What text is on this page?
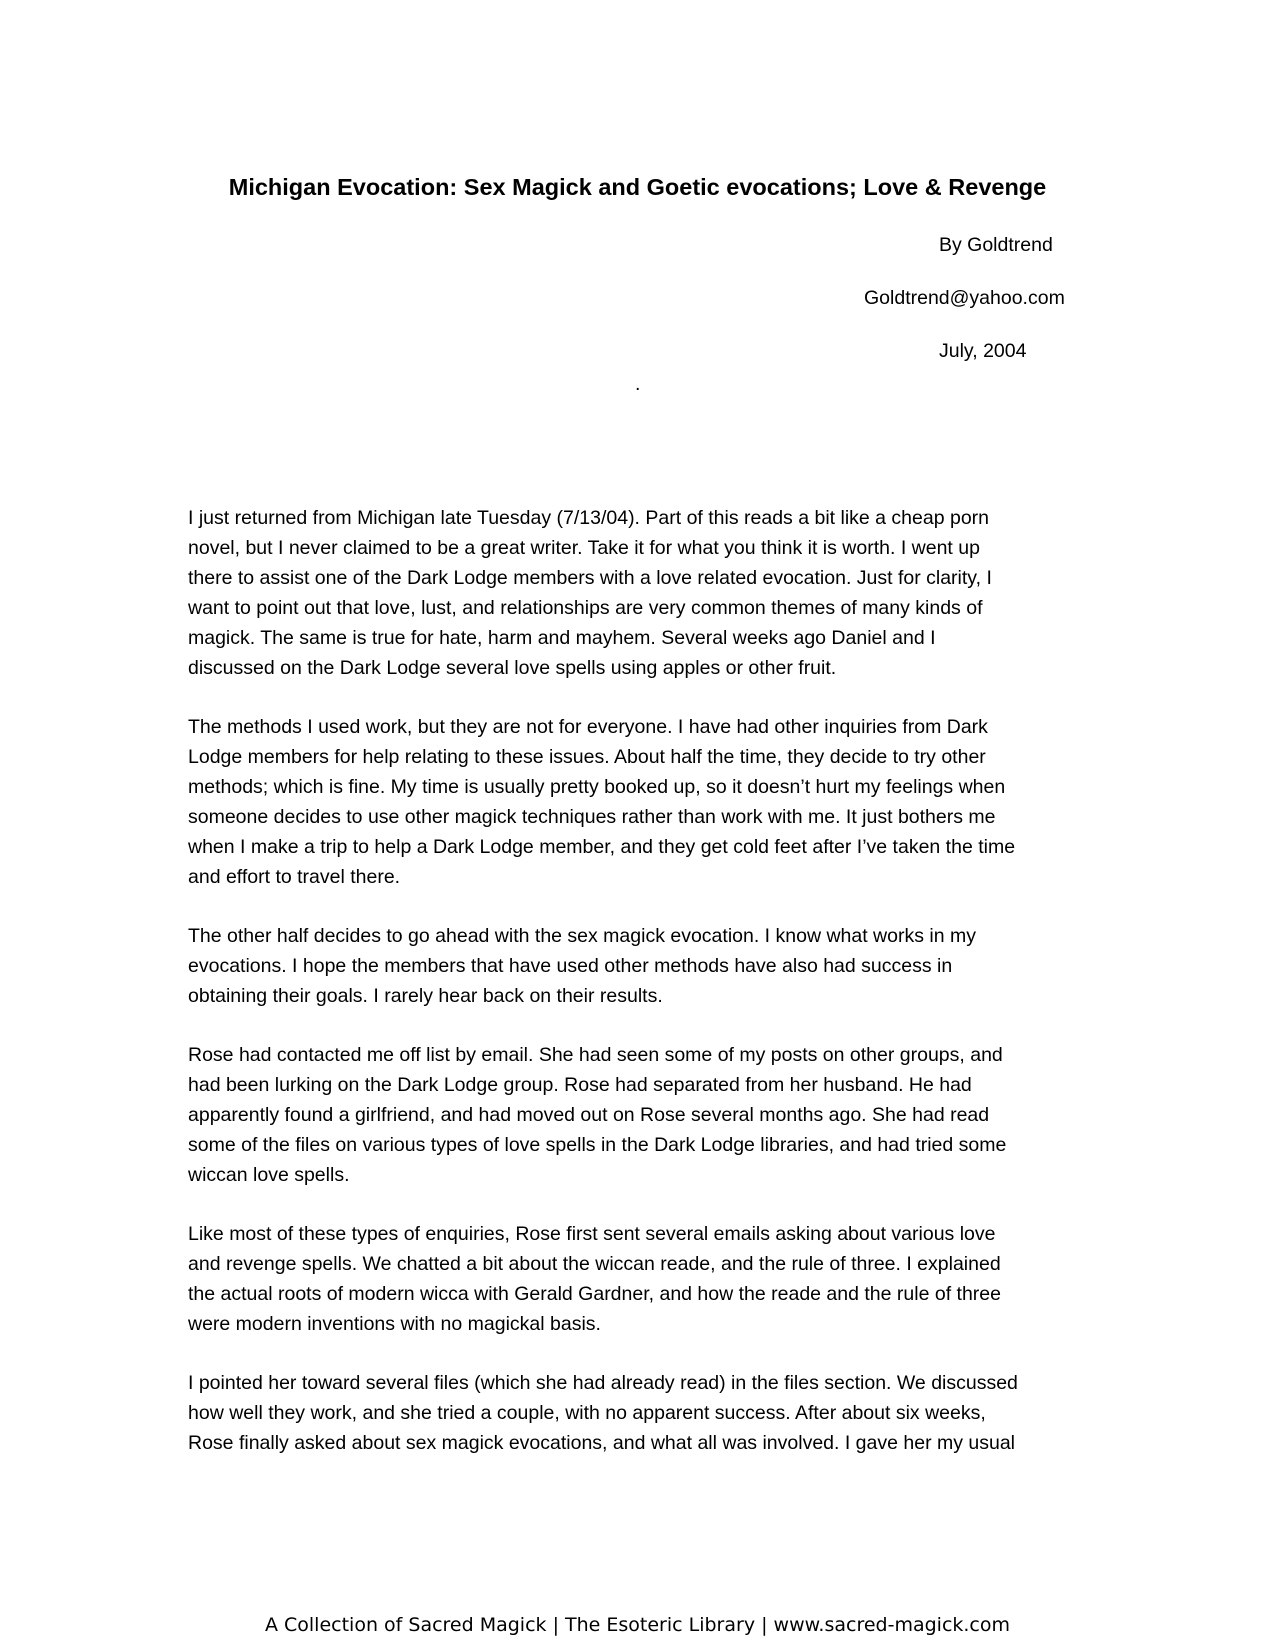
Michigan Evocation: Sex Magick and Goetic evocations; Love & Revenge

By Goldtrend

Goldtrend@yahoo.com

July, 2004

.

I just returned from Michigan late Tuesday (7/13/04). Part of this reads a bit like a cheap porn
novel, but I never claimed to be a great writer. Take it for what you think it is worth. I went up
there to assist one of the Dark Lodge members with a love related evocation. Just for clarity, I
want to point out that love, lust, and relationships are very common themes of many kinds of
magick. The same is true for hate, harm and mayhem. Several weeks ago Daniel and I
discussed on the Dark Lodge several love spells using apples or other fruit.

The methods I used work, but they are not for everyone. I have had other inquiries from Dark
Lodge members for help relating to these issues. About half the time, they decide to try other
methods; which is fine. My time is usually pretty booked up, so it doesn’t hurt my feelings when
someone decides to use other magick techniques rather than work with me. It just bothers me
when I make a trip to help a Dark Lodge member, and they get cold feet after I’ve taken the time
and effort to travel there.

The other half decides to go ahead with the sex magick evocation. I know what works in my
evocations. I hope the members that have used other methods have also had success in
obtaining their goals. I rarely hear back on their results.

Rose had contacted me off list by email. She had seen some of my posts on other groups, and
had been lurking on the Dark Lodge group. Rose had separated from her husband. He had
apparently found a girlfriend, and had moved out on Rose several months ago. She had read
some of the files on various types of love spells in the Dark Lodge libraries, and had tried some
wiccan love spells.

Like most of these types of enquiries, Rose first sent several emails asking about various love
and revenge spells. We chatted a bit about the wiccan reade, and the rule of three. I explained
the actual roots of modern wicca with Gerald Gardner, and how the reade and the rule of three
were modern inventions with no magickal basis.

I pointed her toward several files (which she had already read) in the files section. We discussed
how well they work, and she tried a couple, with no apparent success. After about six weeks,
Rose finally asked about sex magick evocations, and what all was involved. I gave her my usual

A Collection of Sacred Magick | The Esoteric Library | www.sacred-magick.com
